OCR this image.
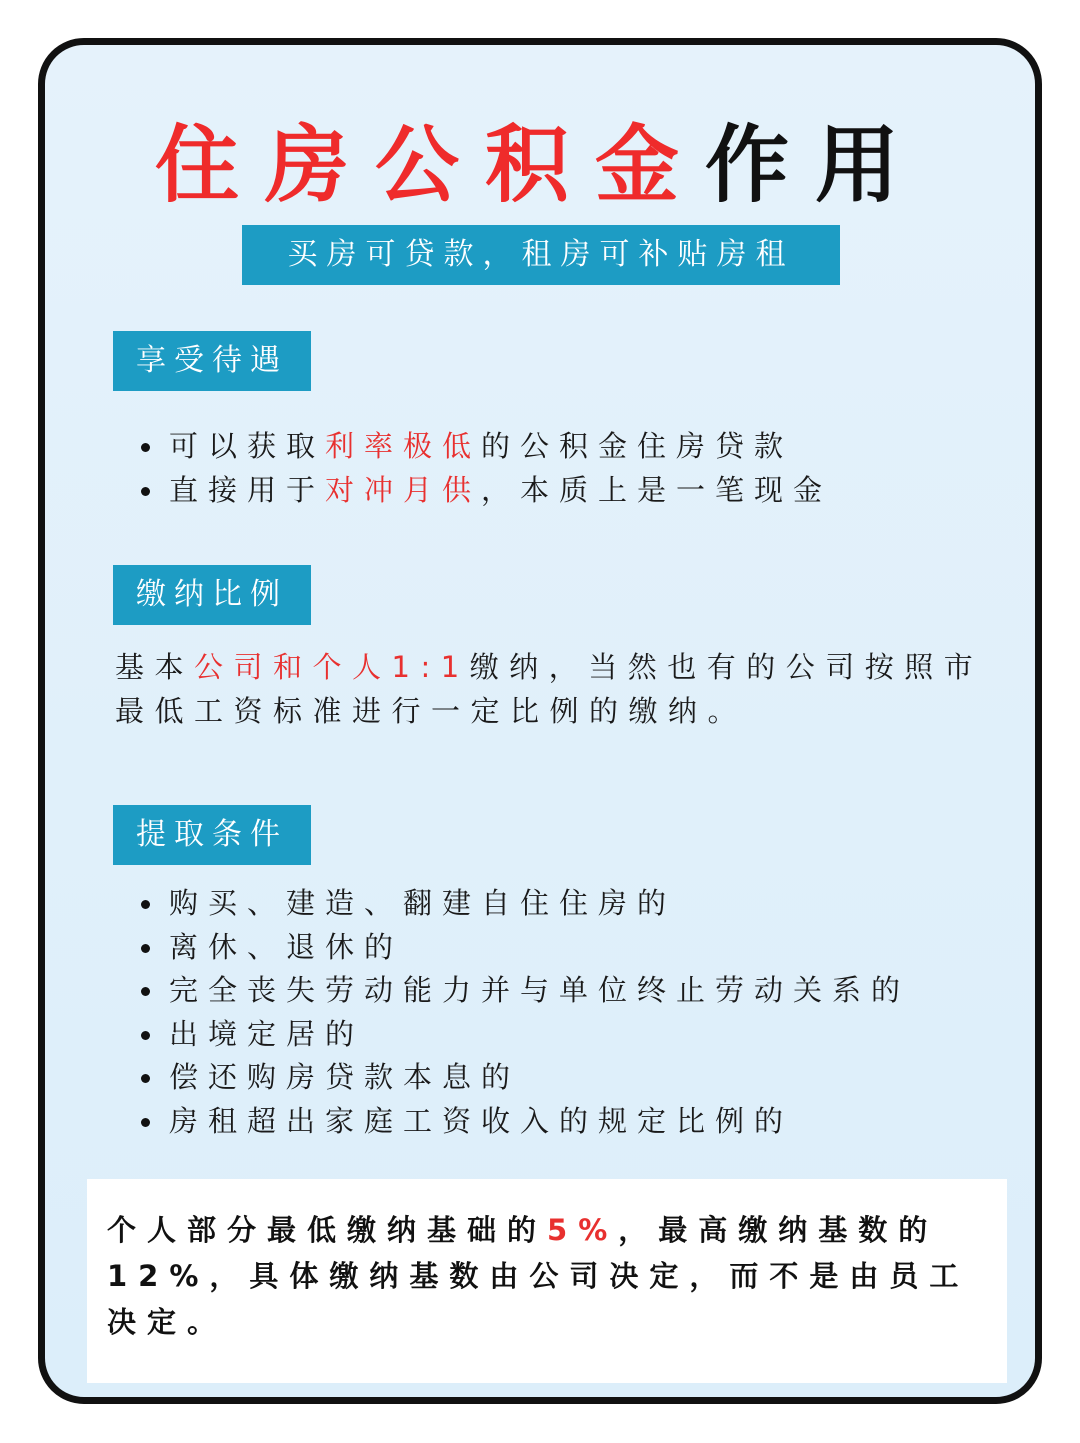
住房公积金作用
买房可贷款，租房可补贴房租
享受待遇
可以获取利率极低的公积金住房贷款
直接用于对冲月供，本质上是一笔现金
缴纳比例
基本公司和个人1:1缴纳，当然也有的公司按照市最低工资标准进行一定比例的缴纳。
提取条件
购买、建造、翻建自住住房的
离休、退休的
完全丧失劳动能力并与单位终止劳动关系的
出境定居的
偿还购房贷款本息的
房租超出家庭工资收入的规定比例的
个人部分最低缴纳基础的5%，最高缴纳基数的12%，具体缴纳基数由公司决定，而不是由员工决定。
